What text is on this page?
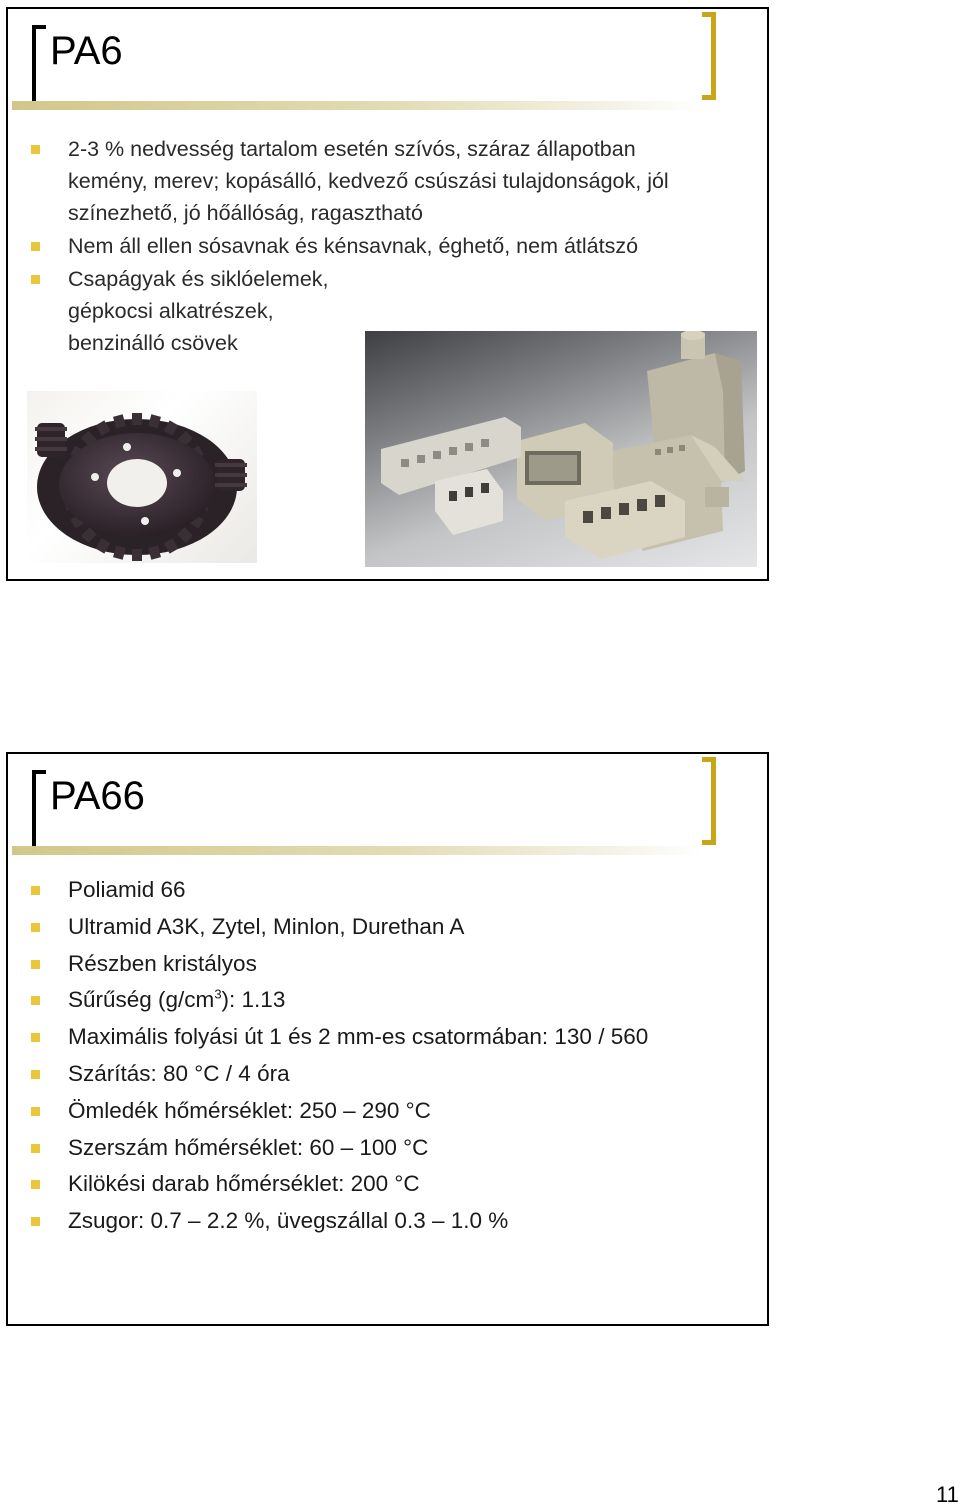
PA6
2-3 % nedvesség tartalom esetén szívós, száraz állapotban kemény, merev; kopásálló, kedvező csúszási tulajdonságok, jól színezhető, jó hőállóság, ragasztható
Nem áll ellen sósavnak és kénsavnak, éghető, nem átlátszó
Csapágyak és siklóelemek, gépkocsi alkatrészek, benzinálló csövek
PA66
Poliamid 66
Ultramid A3K, Zytel, Minlon, Durethan A
Részben kristályos
Sűrűség $(g/cm^3)$: 1.13
Maximális folyási út 1 és 2 mm-es csatormában: 130 / 560
Szárítás: 80 °C / 4 óra
Ömledék hőmérséklet: 250 – 290 °C
Szerszám hőmérséklet: 60 – 100 °C
Kilökési darab hőmérséklet: 200 °C
Zsugor: 0.7 – 2.2 %, üvegszállal 0.3 – 1.0 %
11
